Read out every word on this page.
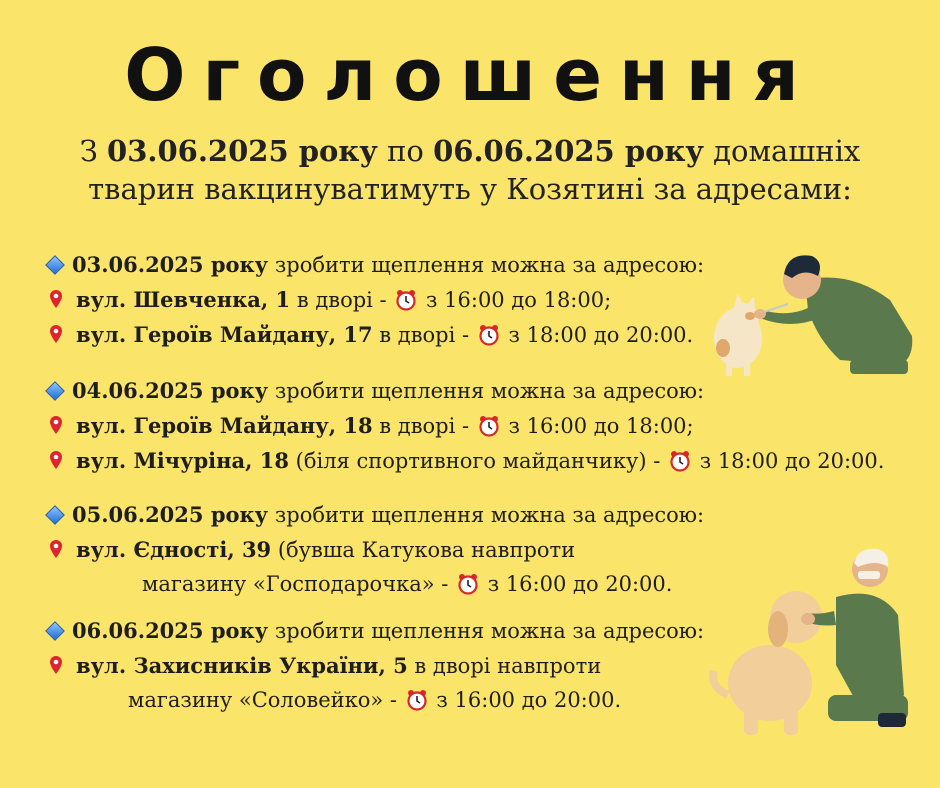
Оголошення
З 03.06.2025 року по 06.06.2025 року домашніх
тварин вакцинуватимуть у Козятині за адресами:
03.06.2025 року зробити щеплення можна за адресою:
вул. Шевченка, 1 в дворі -  з 16:00 до 18:00;
вул. Героїв Майдану, 17 в дворі -  з 18:00 до 20:00.
04.06.2025 року зробити щеплення можна за адресою:
вул. Героїв Майдану, 18 в дворі -  з 16:00 до 18:00;
вул. Мічуріна, 18 (біля спортивного майданчику) -  з 18:00 до 20:00.
05.06.2025 року зробити щеплення можна за адресою:
вул. Єдності, 39 (бувша Катукова навпроти
магазину «Господарочка» -  з 16:00 до 20:00.
06.06.2025 року зробити щеплення можна за адресою:
вул. Захисників України, 5 в дворі навпроти
магазину «Соловейко» -  з 16:00 до 20:00.
